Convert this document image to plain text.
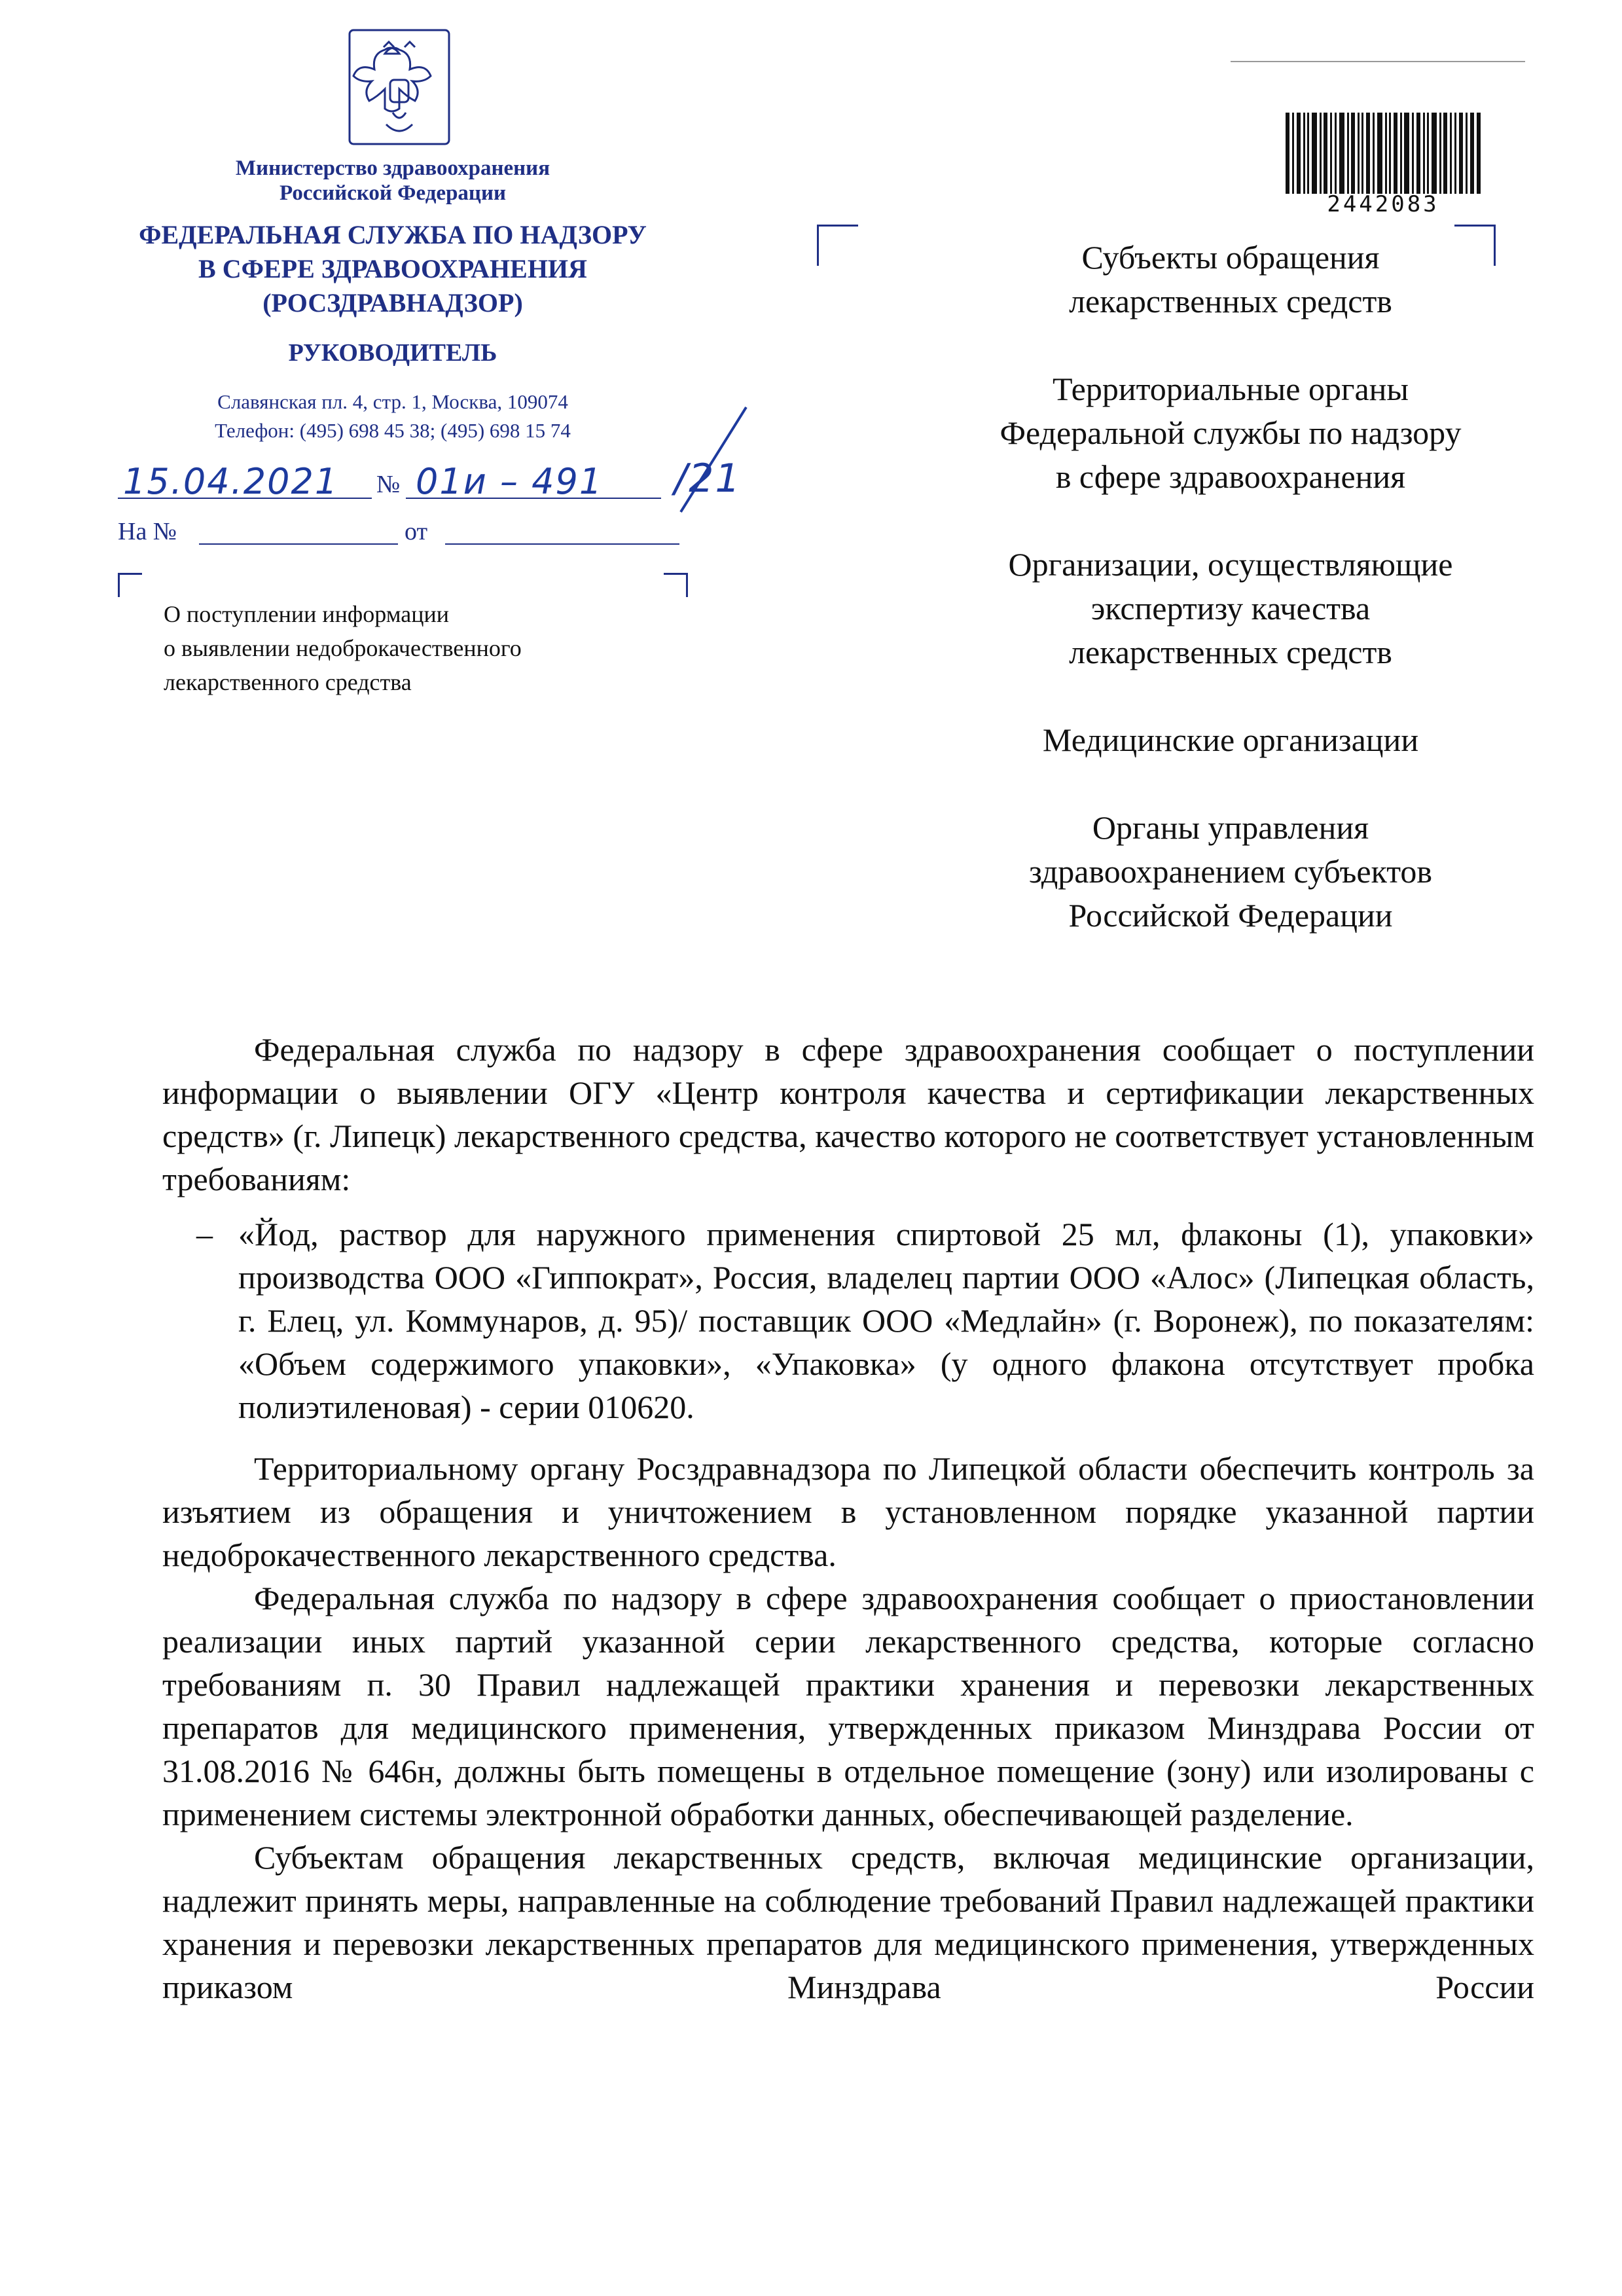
Министерство здравоохранения
Российской Федерации
ФЕДЕРАЛЬНАЯ СЛУЖБА ПО НАДЗОРУ
В СФЕРЕ ЗДРАВООХРАНЕНИЯ
(РОСЗДРАВНАДЗОР)
РУКОВОДИТЕЛЬ
Славянская пл. 4, стр. 1, Москва, 109074
Телефон: (495) 698 45 38; (495) 698 15 74
15.04.2021 № 01и – 491 /21
На №	от
О поступлении информации
о выявлении недоброкачественного
лекарственного средства
2442083
Субъекты обращения
лекарственных средств
Территориальные органы
Федеральной службы по надзору
в сфере здравоохранения
Организации, осуществляющие
экспертизу качества
лекарственных средств
Медицинские организации
Органы управления
здравоохранением субъектов
Российской Федерации

Федеральная служба по надзору в сфере здравоохранения сообщает о поступлении информации о выявлении ОГУ «Центр контроля качества и сертификации лекарственных средств» (г. Липецк) лекарственного средства, качество которого не соответствует установленным требованиям:

– «Йод, раствор для наружного применения спиртовой 25 мл, флаконы (1), упаковки» производства ООО «Гиппократ», Россия, владелец партии ООО «Алос» (Липецкая область, г. Елец, ул. Коммунаров, д. 95)/ поставщик ООО «Медлайн» (г. Воронеж), по показателям: «Объем содержимого упаковки», «Упаковка» (у одного флакона отсутствует пробка полиэтиленовая) - серии 010620.

Территориальному органу Росздравнадзора по Липецкой области обеспечить контроль за изъятием из обращения и уничтожением в установленном порядке указанной партии недоброкачественного лекарственного средства.

Федеральная служба по надзору в сфере здравоохранения сообщает о приостановлении реализации иных партий указанной серии лекарственного средства, которые согласно требованиям п. 30 Правил надлежащей практики хранения и перевозки лекарственных препаратов для медицинского применения, утвержденных приказом Минздрава России от 31.08.2016 № 646н, должны быть помещены в отдельное помещение (зону) или изолированы с применением системы электронной обработки данных, обеспечивающей разделение.

Субъектам обращения лекарственных средств, включая медицинские организации, надлежит принять меры, направленные на соблюдение требований Правил надлежащей практики хранения и перевозки лекарственных препаратов для медицинского применения, утвержденных приказом Минздрава России
